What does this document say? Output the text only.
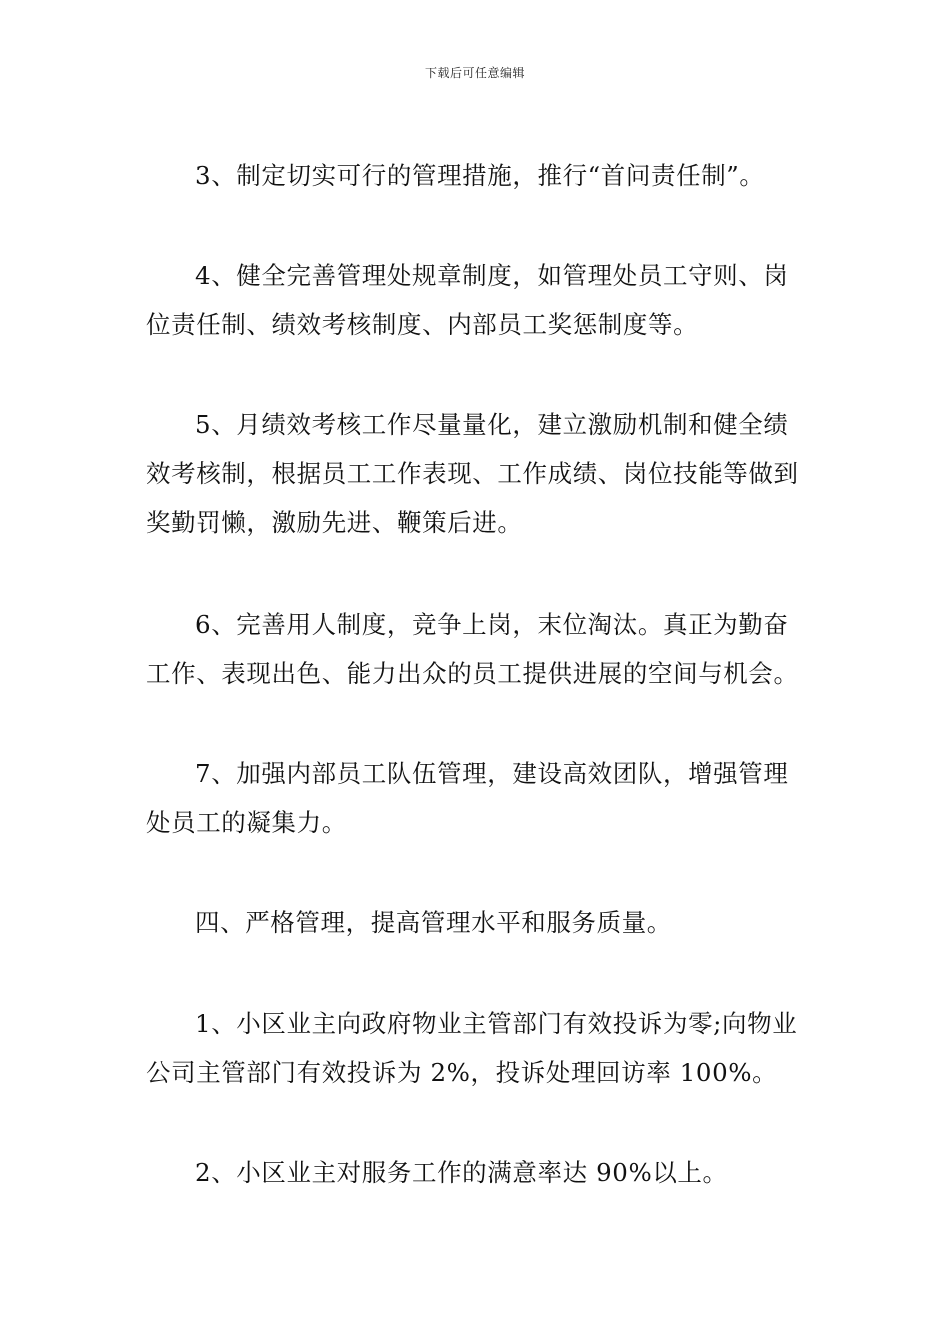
下载后可任意编辑

3、制定切实可行的管理措施，推行“首问责任制”。

4、健全完善管理处规章制度，如管理处员工守则、岗位责任制、绩效考核制度、内部员工奖惩制度等。

5、月绩效考核工作尽量量化，建立激励机制和健全绩效考核制，根据员工工作表现、工作成绩、岗位技能等做到奖勤罚懒，激励先进、鞭策后进。

6、完善用人制度，竞争上岗，末位淘汰。真正为勤奋工作、表现出色、能力出众的员工提供进展的空间与机会。

7、加强内部员工队伍管理，建设高效团队，增强管理处员工的凝集力。

四、严格管理，提高管理水平和服务质量。

1、小区业主向政府物业主管部门有效投诉为零;向物业公司主管部门有效投诉为 2%，投诉处理回访率 100%。

2、小区业主对服务工作的满意率达 90%以上。
